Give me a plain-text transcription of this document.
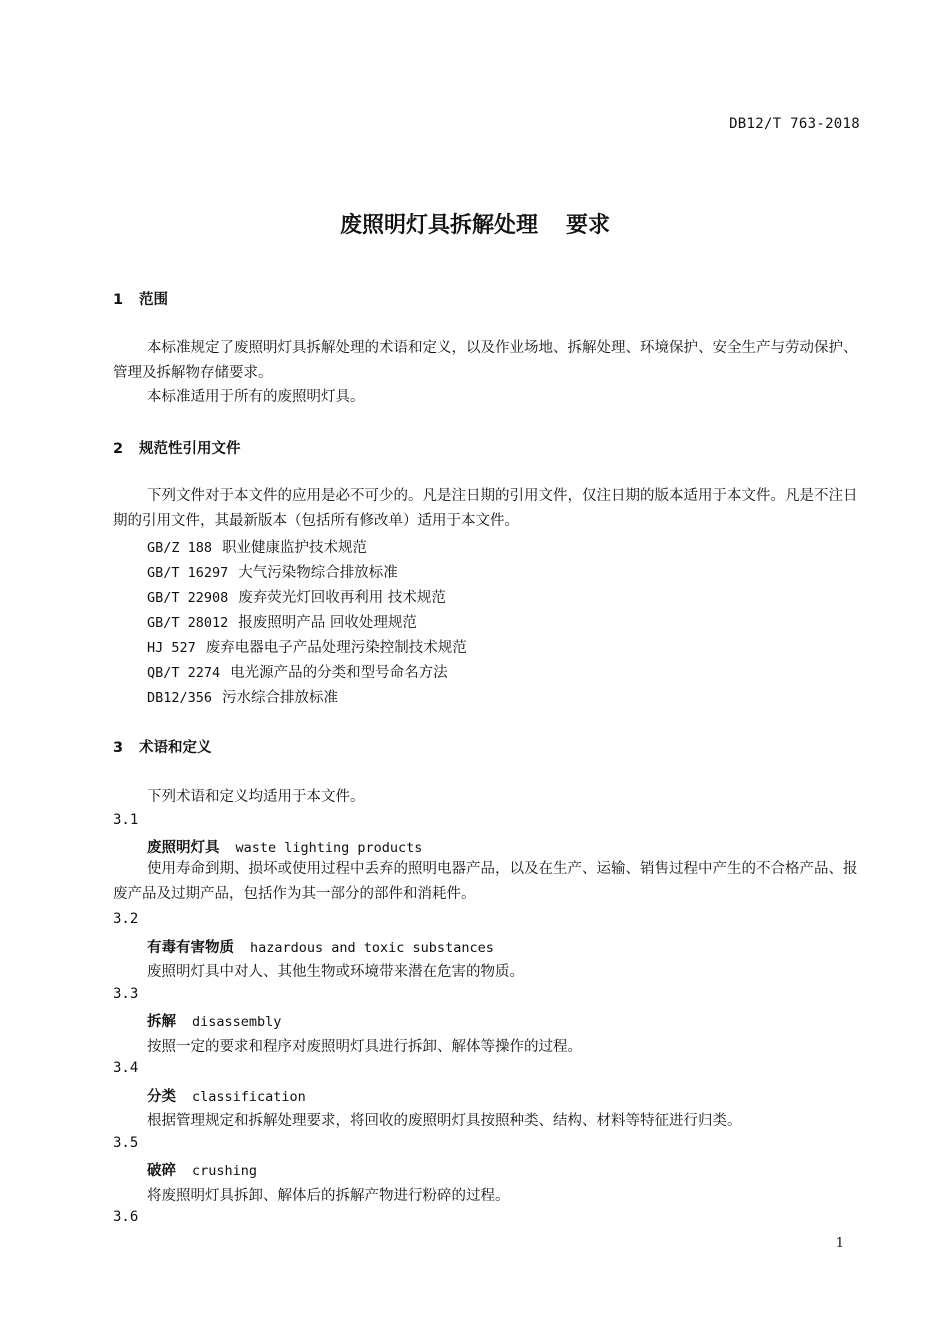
DB12/T 763-2018
废照明灯具拆解处理 要求
1 范围
本标准规定了废照明灯具拆解处理的术语和定义，以及作业场地、拆解处理、环境保护、安全生产与劳动保护、管理及拆解物存储要求。
本标准适用于所有的废照明灯具。
2 规范性引用文件
下列文件对于本文件的应用是必不可少的。凡是注日期的引用文件，仅注日期的版本适用于本文件。凡是不注日期的引用文件，其最新版本（包括所有修改单）适用于本文件。
GB/Z 188 职业健康监护技术规范
GB/T 16297 大气污染物综合排放标准
GB/T 22908 废弃荧光灯回收再利用 技术规范
GB/T 28012 报废照明产品 回收处理规范
HJ 527 废弃电器电子产品处理污染控制技术规范
QB/T 2274 电光源产品的分类和型号命名方法
DB12/356 污水综合排放标准
3 术语和定义
下列术语和定义均适用于本文件。
3.1
废照明灯具 waste lighting products
使用寿命到期、损坏或使用过程中丢弃的照明电器产品，以及在生产、运输、销售过程中产生的不合格产品、报废产品及过期产品，包括作为其一部分的部件和消耗件。
3.2
有毒有害物质 hazardous and toxic substances
废照明灯具中对人、其他生物或环境带来潜在危害的物质。
3.3
拆解 disassembly
按照一定的要求和程序对废照明灯具进行拆卸、解体等操作的过程。
3.4
分类 classification
根据管理规定和拆解处理要求，将回收的废照明灯具按照种类、结构、材料等特征进行归类。
3.5
破碎 crushing
将废照明灯具拆卸、解体后的拆解产物进行粉碎的过程。
3.6
1
